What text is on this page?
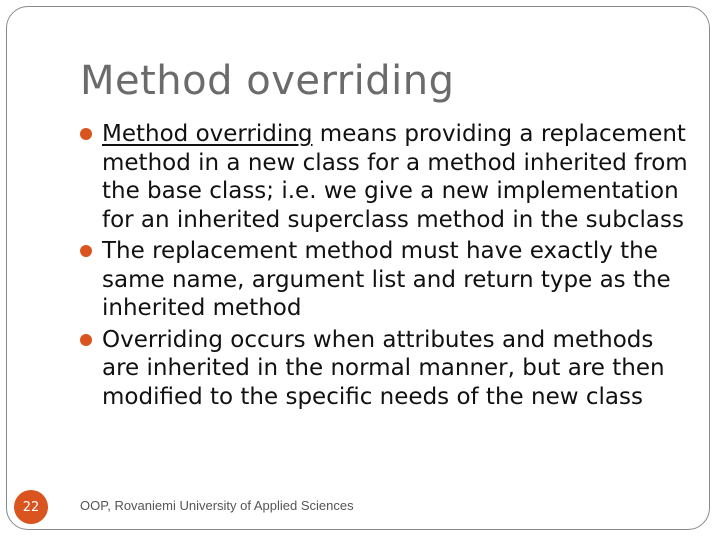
Method overriding
Method overriding means providing a replacement method in a new class for a method inherited from the base class; i.e. we give a new implementation for an inherited superclass method in the subclass
The replacement method must have exactly the same name, argument list and return type as the inherited method
Overriding occurs when attributes and methods are inherited in the normal manner, but are then modified to the specific needs of the new class
22	OOP, Rovaniemi University of Applied Sciences
